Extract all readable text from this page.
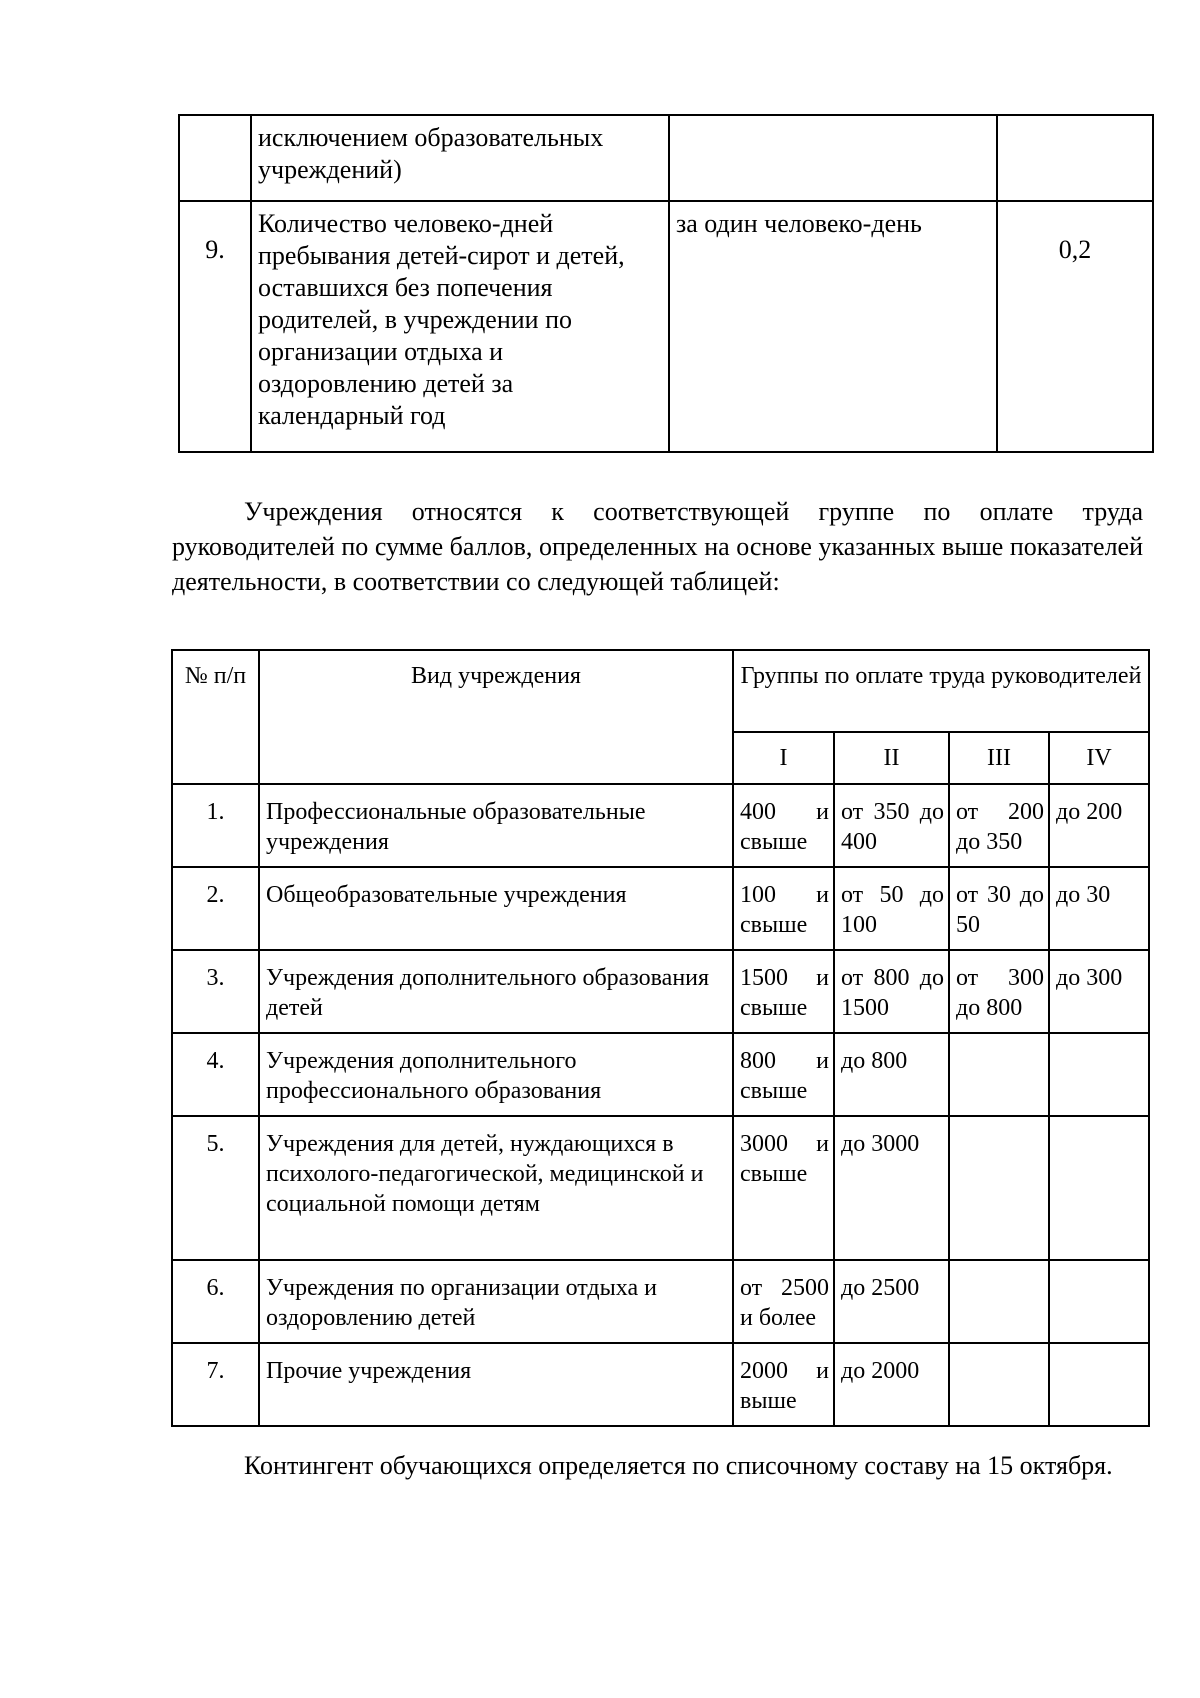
	исключением образовательных учреждений)		
9.	Количество человеко-дней пребывания детей-сирот и детей, оставшихся без попечения родителей, в учреждении по организации отдыха и оздоровлению детей за календарный год	за один человеко-день	0,2

Учреждения относятся к соответствующей группе по оплате труда руководителей по сумме баллов, определенных на основе указанных выше показателей деятельности, в соответствии со следующей таблицей:

№ п/п	Вид учреждения	Группы по оплате труда руководителей			
		I	II	III	IV
1.	Профессиональные образовательные учреждения	400 и свыше	от 350 до 400	от 200 до 350	до 200
2.	Общеобразовательные учреждения	100 и свыше	от 50 до 100	от 30 до 50	до 30
3.	Учреждения дополнительного образования детей	1500 и свыше	от 800 до 1500	от 300 до 800	до 300
4.	Учреждения дополнительного профессионального образования	800 и свыше	до 800		
5.	Учреждения для детей, нуждающихся в психолого-педагогической, медицинской и социальной помощи детям	3000 и свыше	до 3000		
6.	Учреждения по организации отдыха и оздоровлению детей	от 2500 и более	до 2500		
7.	Прочие учреждения	2000 и выше	до 2000		

Контингент обучающихся определяется по списочному составу на 15 октября.
